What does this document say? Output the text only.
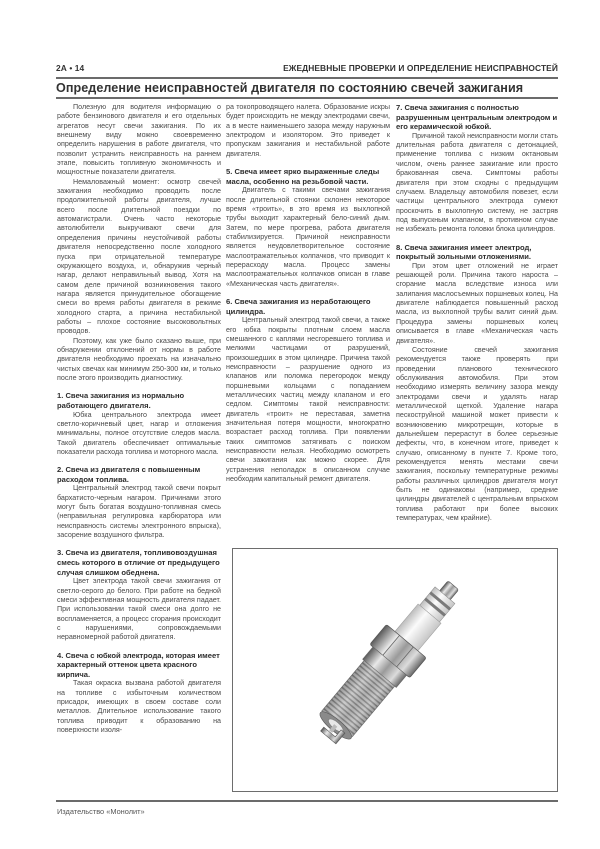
2А • 14	ЕЖЕДНЕВНЫЕ ПРОВЕРКИ И ОПРЕДЕЛЕНИЕ НЕИСПРАВНОСТЕЙ
Определение неисправностей двигателя по состоянию свечей зажигания

Полезную для водителя информацию о работе бензинового двигателя и его отдельных агрегатов несут свечи зажигания. По их внешнему виду можно своевременно определить нарушения в работе двигателя, что позволит устранить неисправность на раннем этапе, повысить топливную экономичность и мощностные показатели двигателя.

Немаловажный момент: осмотр свечей зажигания необходимо проводить после продолжительной работы двигателя, лучше всего после длительной поездки по автомагистрали. Очень часто некоторые автолюбители выкручивают свечи для определения причины неустойчивой работы двигателя непосредственно после холодного пуска при отрицательной температуре окружающего воздуха, и, обнаружив черный нагар, делают неправильный вывод. Хотя на самом деле причиной возникновения такого нагара является принудительное обогащение смеси во время работы двигателя в режиме холодного старта, а причина нестабильной работы – плохое состояние высоковольтных проводов.

Поэтому, как уже было сказано выше, при обнаружении отклонений от нормы в работе двигателя необходимо проехать на изначально чистых свечах как минимум 250-300 км, и только после этого производить диагностику.

1. Свеча зажигания из нормально работающего двигателя.

Юбка центрального электрода имеет светло-коричневый цвет, нагар и отложения минимальны, полное отсутствие следов масла. Такой двигатель обеспечивает оптимальные показатели расхода топлива и моторного масла.

2. Свеча из двигателя с повышенным расходом топлива.

Центральный электрод такой свечи покрыт бархатисто-черным нагаром. Причинами этого могут быть богатая воздушно-топливная смесь (неправильная регулировка карбюратора или неисправность системы электронного впрыска), засорение воздушного фильтра.

3. Свеча из двигателя, топливовоздушная смесь которого в отличие от предыдущего случая слишком обеднена.

Цвет электрода такой свечи зажигания от светло-серого до белого. При работе на бедной смеси эффективная мощность двигателя падает. При использовании такой смеси она долго не воспламеняется, а процесс сгорания происходит с нарушениями, сопровождаемыми неравномерной работой двигателя.

4. Свеча с юбкой электрода, которая имеет характерный оттенок цвета красного кирпича.

Такая окраска вызвана работой двигателя на топливе с избыточным количеством присадок, имеющих в своем составе соли металлов. Длительное использование такого топлива приводит к образованию на поверхности изоля-

ра токопроводящего налета. Образование искры будет происходить не между электродами свечи, а в месте наименьшего зазора между наружным электродом и изолятором. Это приведет к пропускам зажигания и нестабильной работе двигателя.

5. Свеча имеет ярко выраженные следы масла, особенно на резьбовой части.

Двигатель с такими свечами зажигания после длительной стоянки склонен некоторое время «троить», в это время из выхлопной трубы выходит характерный бело-синий дым. Затем, по мере прогрева, работа двигателя стабилизируется. Причиной неисправности является неудовлетворительное состояние маслоотражательных колпачков, что приводит к перерасходу масла. Процесс замены маслоотражательных колпачков описан в главе «Механическая часть двигателя».

6. Свеча зажигания из неработающего цилиндра.

Центральный электрод такой свечи, а также его юбка покрыты плотным слоем масла смешанного с каплями несгоревшего топлива и мелкими частицами от разрушений, произошедших в этом цилиндре. Причина такой неисправности – разрушение одного из клапанов или поломка перегородок между поршневыми кольцами с попаданием металлических частиц между клапаном и его седлом. Симптомы такой неисправности: двигатель «троит» не переставая, заметна значительная потеря мощности, многократно возрастает расход топлива. При появлении таких симптомов затягивать с поиском неисправности нельзя. Необходимо осмотреть свечи зажигания как можно скорее. Для устранения неполадок в описанном случае необходим капитальный ремонт двигателя.

7. Свеча зажигания с полностью разрушенным центральным электродом и его керамической юбкой.

Причиной такой неисправности могли стать длительная работа двигателя с детонацией, применение топлива с низким октановым числом, очень раннее зажигание или просто бракованная свеча. Симптомы работы двигателя при этом сходны с предыдущим случаем. Владельцу автомобиля повезет, если частицы центрального электрода сумеют проскочить в выхлопную систему, не застряв под выпускным клапаном, в противном случае не избежать ремонта головки блока цилиндров.

8. Свеча зажигания имеет электрод, покрытый зольными отложениями.

При этом цвет отложений не играет решающей роли. Причина такого нароста – сгорание масла вследствие износа или залипания маслосъемных поршневых колец. На двигателе наблюдается повышенный расход масла, из выхлопной трубы валит синий дым. Процедура замены поршневых колец описывается в главе «Механическая часть двигателя».

Состояние свечей зажигания рекомендуется также проверять при проведении планового технического обслуживания автомобиля. При этом необходимо измерять величину зазора между электродами свечи и удалять нагар металлической щеткой. Удаление нагара пескоструйной машиной может привести к возникновению микротрещин, которые в дальнейшем перерастут в более серьезные дефекты, что, в конечном итоге, приведет к случаю, описанному в пункте 7. Кроме того, рекомендуется менять местами свечи зажигания, поскольку температурные режимы работы различных цилиндров двигателя могут быть не одинаковы (например, средние цилиндры двигателей с центральным впрыском топлива работают при более высоких температурах, чем крайние).

Издательство «Монолит»
